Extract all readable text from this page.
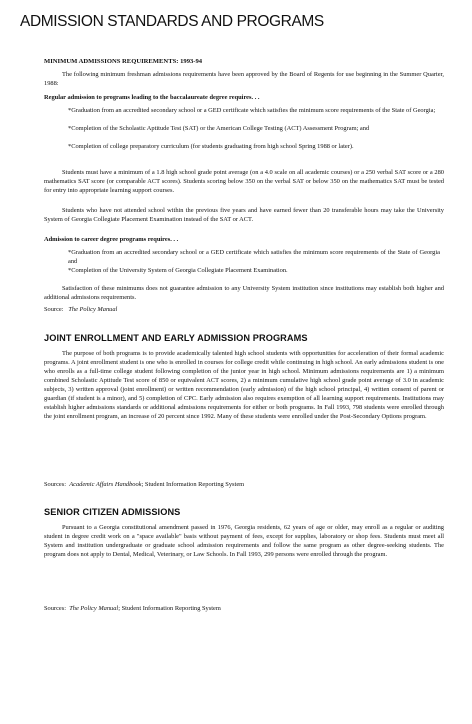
ADMISSION STANDARDS AND PROGRAMS
MINIMUM ADMISSIONS REQUIREMENTS: 1993-94

The following minimum freshman admissions requirements have been approved by the Board of Regents for use beginning in the Summer Quarter, 1988:

Regular admission to programs leading to the baccalaureate degree requires. . .

*Graduation from an accredited secondary school or a GED certificate which satisfies the minimum score requirements of the State of Georgia;

*Completion of the Scholastic Aptitude Test (SAT) or the American College Testing (ACT) Assessment Program; and

*Completion of college preparatory curriculum (for students graduating from high school Spring 1988 or later).

Students must have a minimum of a 1.8 high school grade point average (on a 4.0 scale on all academic courses) or a 250 verbal SAT score or a 280 mathematics SAT score (or comparable ACT scores). Students scoring below 350 on the verbal SAT or below 350 on the mathematics SAT must be tested for entry into appropriate learning support courses.

Students who have not attended school within the previous five years and have earned fewer than 20 transferable hours may take the University System of Georgia Collegiate Placement Examination instead of the SAT or ACT.

Admission to career degree programs requires. . .

*Graduation from an accredited secondary school or a GED certificate which satisfies the minimum score requirements of the State of Georgia and

*Completion of the University System of Georgia Collegiate Placement Examination.

Satisfaction of these minimums does not guarantee admission to any University System institution since institutions may establish both higher and additional admissions requirements.

Source: The Policy Manual
JOINT ENROLLMENT AND EARLY ADMISSION PROGRAMS

The purpose of both programs is to provide academically talented high school students with opportunities for acceleration of their formal academic programs. A joint enrollment student is one who is enrolled in courses for college credit while continuing in high school. An early admissions student is one who enrolls as a full-time college student following completion of the junior year in high school. Minimum admissions requirements are 1) a minimum combined Scholastic Aptitude Test score of 850 or equivalent ACT scores, 2) a minimum cumulative high school grade point average of 3.0 in academic subjects, 3) written approval (joint enrollment) or written recommendation (early admission) of the high school principal, 4) written consent of parent or guardian (if student is a minor), and 5) completion of CPC. Early admission also requires exemption of all learning support requirements. Institutions may establish higher admissions standards or additional admissions requirements for either or both programs. In Fall 1993, 798 students were enrolled through the joint enrollment program, an increase of 20 percent since 1992. Many of these students were enrolled under the Post-Secondary Options program.

Sources: Academic Affairs Handbook; Student Information Reporting System
SENIOR CITIZEN ADMISSIONS

Pursuant to a Georgia constitutional amendment passed in 1976, Georgia residents, 62 years of age or older, may enroll as a regular or auditing student in degree credit work on a "space available" basis without payment of fees, except for supplies, laboratory or shop fees. Students must meet all System and institution undergraduate or graduate school admission requirements and follow the same program as other degree-seeking students. The program does not apply to Dental, Medical, Veterinary, or Law Schools. In Fall 1993, 299 persons were enrolled through the program.

Sources: The Policy Manual; Student Information Reporting System
